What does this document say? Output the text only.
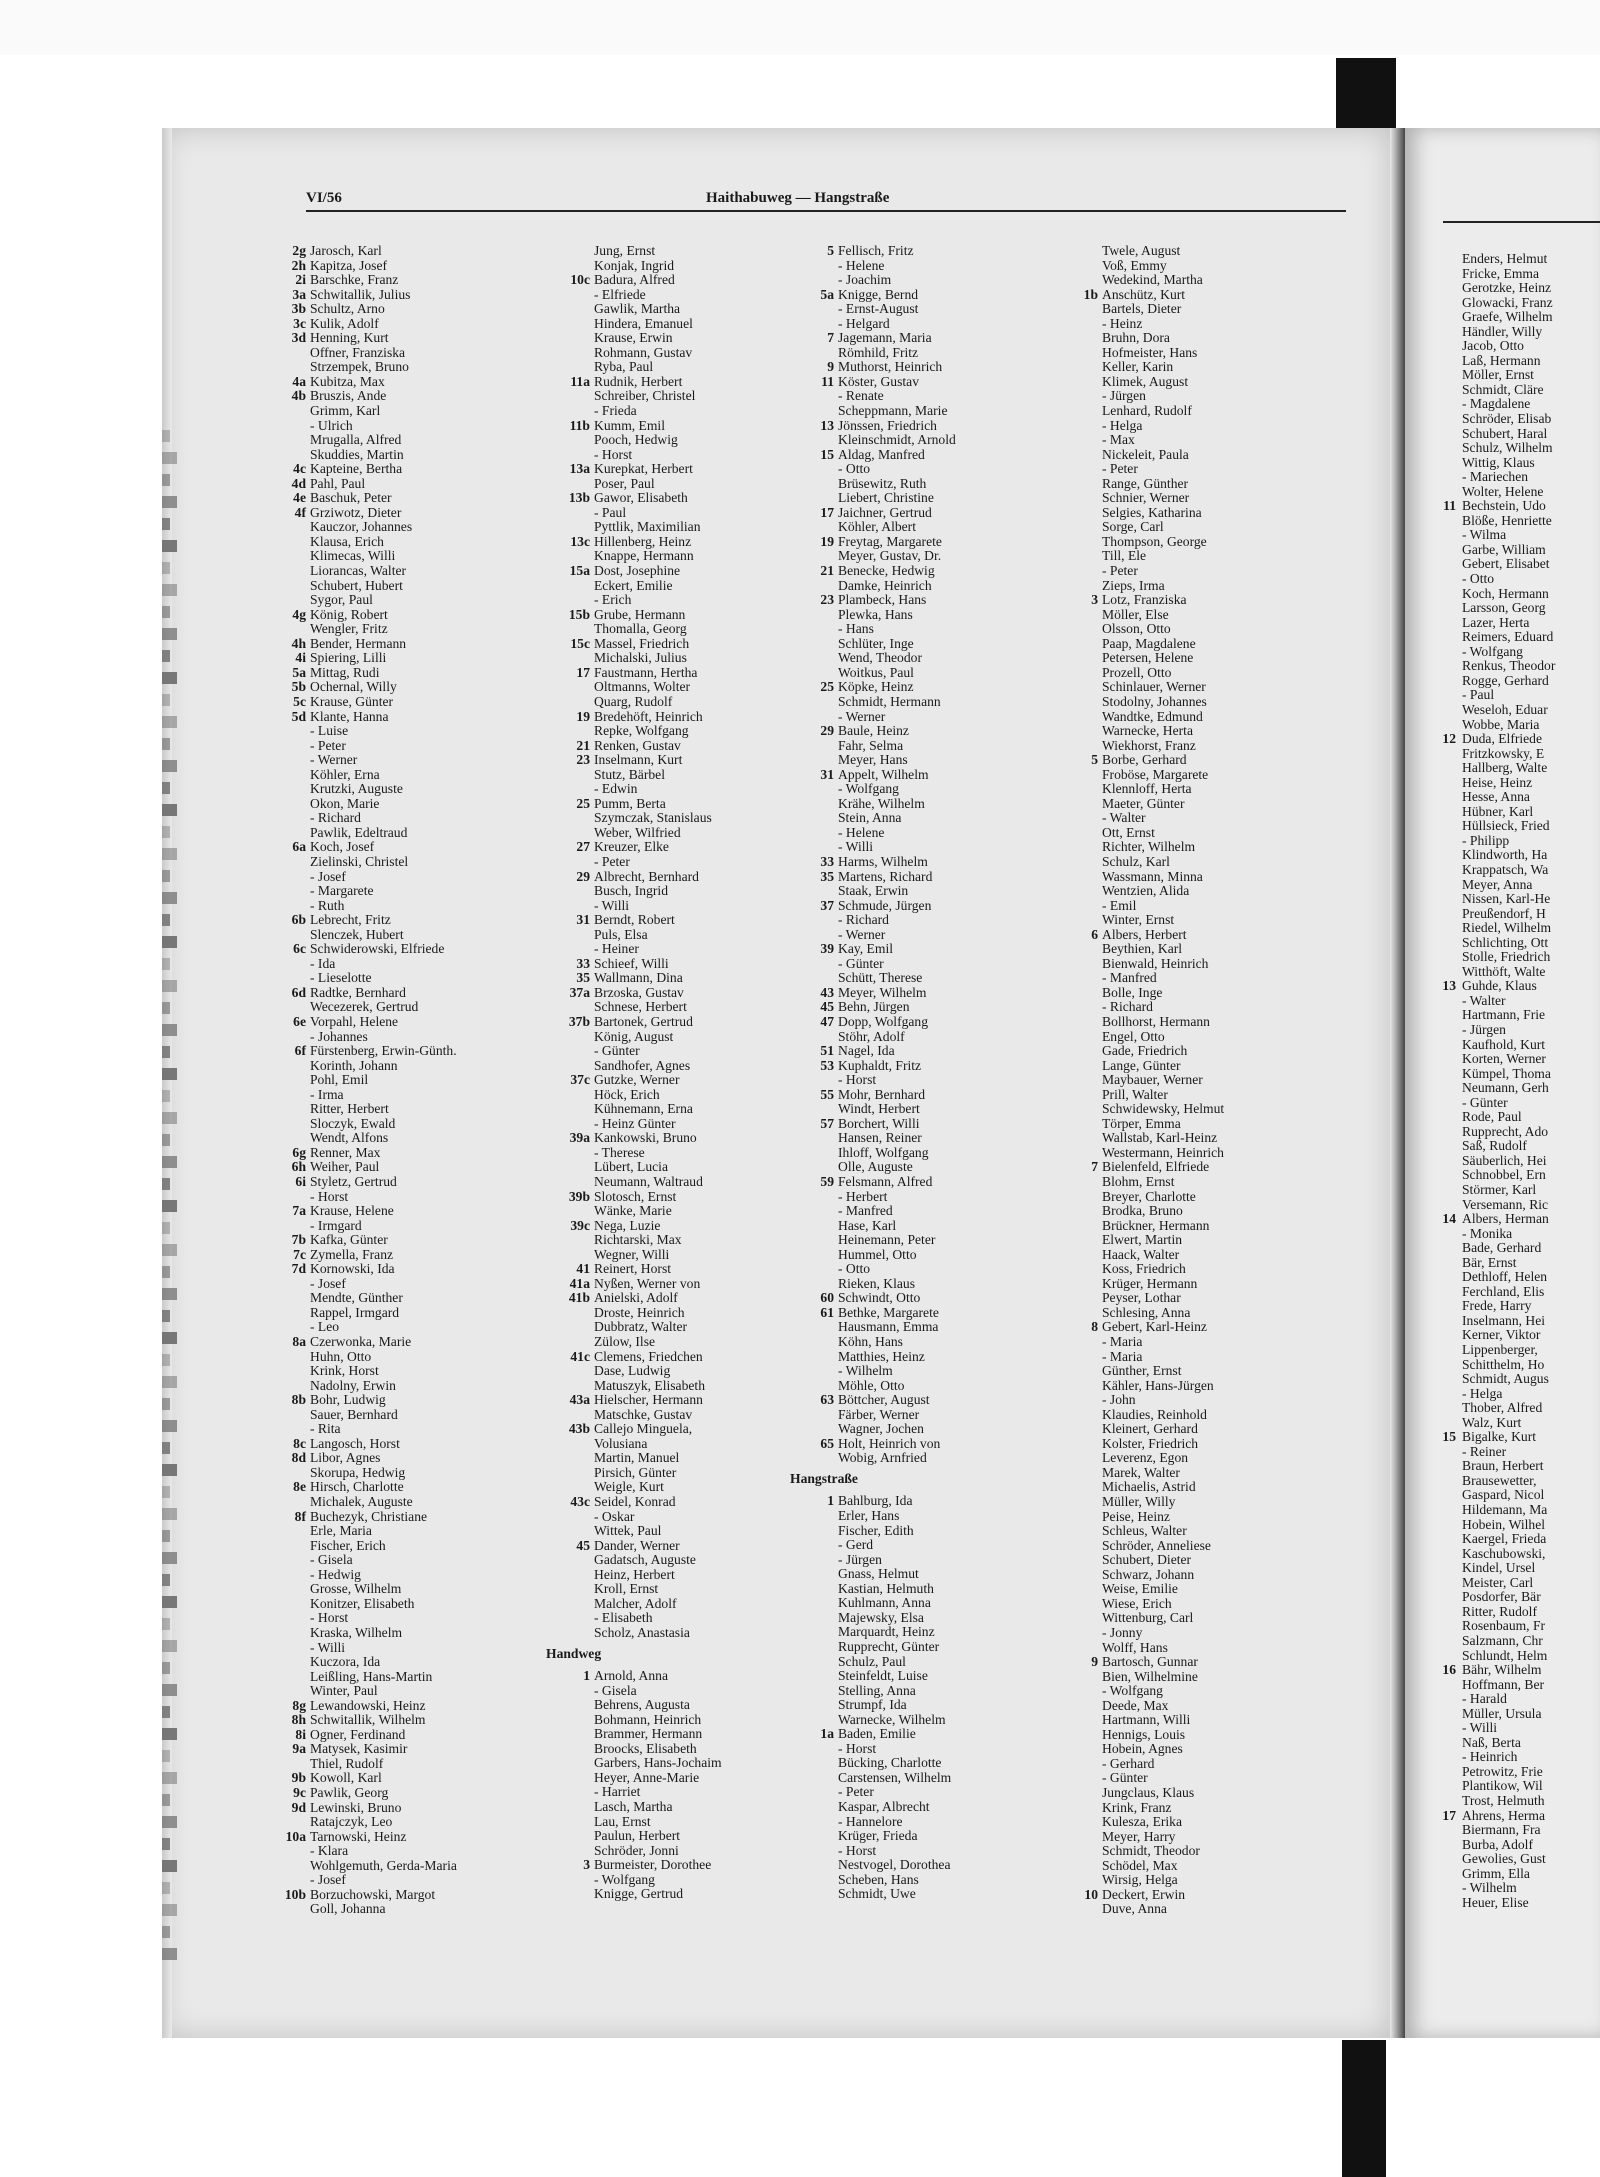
VI/56	Haithabuweg — Hangstraße
2g Jarosch, Karl
2h Kapitza, Josef
2i Barschke, Franz
3a Schwitallik, Julius
3b Schultz, Arno
3c Kulik, Adolf
3d Henning, Kurt
Offner, Franziska
Strzempek, Bruno
4a Kubitza, Max
4b Bruszis, Ande
Grimm, Karl
- Ulrich
Mrugalla, Alfred
Skuddies, Martin
4c Kapteine, Bertha
4d Pahl, Paul
4e Baschuk, Peter
4f Grziwotz, Dieter
Kauczor, Johannes
Klausa, Erich
Klimecas, Willi
Liorancas, Walter
Schubert, Hubert
Sygor, Paul
4g König, Robert
Wengler, Fritz
4h Bender, Hermann
4i Spiering, Lilli
5a Mittag, Rudi
5b Ochernal, Willy
5c Krause, Günter
5d Klante, Hanna
- Luise
- Peter
- Werner
Köhler, Erna
Krutzki, Auguste
Okon, Marie
- Richard
Pawlik, Edeltraud
6a Koch, Josef
Zielinski, Christel
- Josef
- Margarete
- Ruth
6b Lebrecht, Fritz
Slenczek, Hubert
6c Schwiderowski, Elfriede
- Ida
- Lieselotte
6d Radtke, Bernhard
Wecezerek, Gertrud
6e Vorpahl, Helene
- Johannes
6f Fürstenberg, Erwin-Günth.
Korinth, Johann
Pohl, Emil
- Irma
Ritter, Herbert
Sloczyk, Ewald
Wendt, Alfons
6g Renner, Max
6h Weiher, Paul
6i Styletz, Gertrud
- Horst
7a Krause, Helene
- Irmgard
7b Kafka, Günter
7c Zymella, Franz
7d Kornowski, Ida
- Josef
Mendte, Günther
Rappel, Irmgard
- Leo
8a Czerwonka, Marie
Huhn, Otto
Krink, Horst
Nadolny, Erwin
8b Bohr, Ludwig
Sauer, Bernhard
- Rita
8c Langosch, Horst
8d Libor, Agnes
Skorupa, Hedwig
8e Hirsch, Charlotte
Michalek, Auguste
8f Buchezyk, Christiane
Erle, Maria
Fischer, Erich
- Gisela
- Hedwig
Grosse, Wilhelm
Konitzer, Elisabeth
- Horst
Kraska, Wilhelm
- Willi
Kuczora, Ida
Leißling, Hans-Martin
Winter, Paul
8g Lewandowski, Heinz
8h Schwitallik, Wilhelm
8i Ogner, Ferdinand
9a Matysek, Kasimir
Thiel, Rudolf
9b Kowoll, Karl
9c Pawlik, Georg
9d Lewinski, Bruno
Ratajczyk, Leo
10a Tarnowski, Heinz
- Klara
Wohlgemuth, Gerda-Maria
- Josef
10b Borzuchowski, Margot
Goll, Johanna
Jung, Ernst
Konjak, Ingrid
10c Badura, Alfred
- Elfriede
Gawlik, Martha
Hindera, Emanuel
Krause, Erwin
Rohmann, Gustav
Ryba, Paul
11a Rudnik, Herbert
Schreiber, Christel
- Frieda
11b Kumm, Emil
Pooch, Hedwig
- Horst
13a Kurepkat, Herbert
Poser, Paul
13b Gawor, Elisabeth
- Paul
Pyttlik, Maximilian
13c Hillenberg, Heinz
Knappe, Hermann
15a Dost, Josephine
Eckert, Emilie
- Erich
15b Grube, Hermann
Thomalla, Georg
15c Massel, Friedrich
Michalski, Julius
17 Faustmann, Hertha
Oltmanns, Wolter
Quarg, Rudolf
19 Bredehöft, Heinrich
Repke, Wolfgang
21 Renken, Gustav
23 Inselmann, Kurt
Stutz, Bärbel
- Edwin
25 Pumm, Berta
Szymczak, Stanislaus
Weber, Wilfried
27 Kreuzer, Elke
- Peter
29 Albrecht, Bernhard
Busch, Ingrid
- Willi
31 Berndt, Robert
Puls, Elsa
- Heiner
33 Schieef, Willi
35 Wallmann, Dina
37a Brzoska, Gustav
Schnese, Herbert
37b Bartonek, Gertrud
König, August
- Günter
Sandhofer, Agnes
37c Gutzke, Werner
Höck, Erich
Kühnemann, Erna
- Heinz Günter
39a Kankowski, Bruno
- Therese
Lübert, Lucia
Neumann, Waltraud
39b Slotosch, Ernst
Wänke, Marie
39c Nega, Luzie
Richtarski, Max
Wegner, Willi
41 Reinert, Horst
41a Nyßen, Werner von
41b Anielski, Adolf
Droste, Heinrich
Dubbratz, Walter
Zülow, Ilse
41c Clemens, Friedchen
Dase, Ludwig
Matuszyk, Elisabeth
43a Hielscher, Hermann
Matschke, Gustav
43b Callejo Minguela,
Volusiana
Martin, Manuel
Pirsich, Günter
Weigle, Kurt
43c Seidel, Konrad
- Oskar
Wittek, Paul
45 Dander, Werner
Gadatsch, Auguste
Heinz, Herbert
Kroll, Ernst
Malcher, Adolf
- Elisabeth
Scholz, Anastasia
Handweg
1 Arnold, Anna
- Gisela
Behrens, Augusta
Bohmann, Heinrich
Brammer, Hermann
Broocks, Elisabeth
Garbers, Hans-Jochaim
Heyer, Anne-Marie
- Harriet
Lasch, Martha
Lau, Ernst
Paulun, Herbert
Schröder, Jonni
3 Burmeister, Dorothee
- Wolfgang
Knigge, Gertrud
5 Fellisch, Fritz
- Helene
- Joachim
5a Knigge, Bernd
- Ernst-August
- Helgard
7 Jagemann, Maria
Römhild, Fritz
9 Muthorst, Heinrich
11 Köster, Gustav
- Renate
Scheppmann, Marie
13 Jönssen, Friedrich
Kleinschmidt, Arnold
15 Aldag, Manfred
- Otto
Brüsewitz, Ruth
Liebert, Christine
17 Jaichner, Gertrud
Köhler, Albert
19 Freytag, Margarete
Meyer, Gustav, Dr.
21 Benecke, Hedwig
Damke, Heinrich
23 Plambeck, Hans
Plewka, Hans
- Hans
Schlüter, Inge
Wend, Theodor
Woitkus, Paul
25 Köpke, Heinz
Schmidt, Hermann
- Werner
29 Baule, Heinz
Fahr, Selma
Meyer, Hans
31 Appelt, Wilhelm
- Wolfgang
Krähe, Wilhelm
Stein, Anna
- Helene
- Willi
33 Harms, Wilhelm
35 Martens, Richard
Staak, Erwin
37 Schmude, Jürgen
- Richard
- Werner
39 Kay, Emil
- Günter
Schütt, Therese
43 Meyer, Wilhelm
45 Behn, Jürgen
47 Dopp, Wolfgang
Stöhr, Adolf
51 Nagel, Ida
53 Kuphaldt, Fritz
- Horst
55 Mohr, Bernhard
Windt, Herbert
57 Borchert, Willi
Hansen, Reiner
Ihloff, Wolfgang
Olle, Auguste
59 Felsmann, Alfred
- Herbert
- Manfred
Hase, Karl
Heinemann, Peter
Hummel, Otto
- Otto
Rieken, Klaus
60 Schwindt, Otto
61 Bethke, Margarete
Hausmann, Emma
Köhn, Hans
Matthies, Heinz
- Wilhelm
Möhle, Otto
63 Böttcher, August
Färber, Werner
Wagner, Jochen
65 Holt, Heinrich von
Wobig, Arnfried
Hangstraße
1 Bahlburg, Ida
Erler, Hans
Fischer, Edith
- Gerd
- Jürgen
Gnass, Helmut
Kastian, Helmuth
Kuhlmann, Anna
Majewsky, Elsa
Marquardt, Heinz
Rupprecht, Günter
Schulz, Paul
Steinfeldt, Luise
Stelling, Anna
Strumpf, Ida
Warnecke, Wilhelm
1a Baden, Emilie
- Horst
Bücking, Charlotte
Carstensen, Wilhelm
- Peter
Kaspar, Albrecht
- Hannelore
Krüger, Frieda
- Horst
Nestvogel, Dorothea
Scheben, Hans
Schmidt, Uwe
Twele, August
Voß, Emmy
Wedekind, Martha
1b Anschütz, Kurt
Bartels, Dieter
- Heinz
Bruhn, Dora
Hofmeister, Hans
Keller, Karin
Klimek, August
- Jürgen
Lenhard, Rudolf
- Helga
- Max
Nickeleit, Paula
- Peter
Range, Günther
Schnier, Werner
Selgies, Katharina
Sorge, Carl
Thompson, George
Till, Ele
- Peter
Zieps, Irma
3 Lotz, Franziska
Möller, Else
Olsson, Otto
Paap, Magdalene
Petersen, Helene
Prozell, Otto
Schinlauer, Werner
Stodolny, Johannes
Wandtke, Edmund
Warnecke, Herta
Wiekhorst, Franz
5 Borbe, Gerhard
Froböse, Margarete
Klennloff, Herta
Maeter, Günter
- Walter
Ott, Ernst
Richter, Wilhelm
Schulz, Karl
Wassmann, Minna
Wentzien, Alida
- Emil
Winter, Ernst
6 Albers, Herbert
Beythien, Karl
Bienwald, Heinrich
- Manfred
Bolle, Inge
- Richard
Bollhorst, Hermann
Engel, Otto
Gade, Friedrich
Lange, Günter
Maybauer, Werner
Prill, Walter
Schwidewsky, Helmut
Törper, Emma
Wallstab, Karl-Heinz
Westermann, Heinrich
7 Bielenfeld, Elfriede
Blohm, Ernst
Breyer, Charlotte
Brodka, Bruno
Brückner, Hermann
Elwert, Martin
Haack, Walter
Koss, Friedrich
Krüger, Hermann
Peyser, Lothar
Schlesing, Anna
8 Gebert, Karl-Heinz
- Maria
- Maria
Günther, Ernst
Kähler, Hans-Jürgen
- John
Klaudies, Reinhold
Kleinert, Gerhard
Kolster, Friedrich
Leverenz, Egon
Marek, Walter
Michaelis, Astrid
Müller, Willy
Peise, Heinz
Schleus, Walter
Schröder, Anneliese
Schubert, Dieter
Schwarz, Johann
Weise, Emilie
Wiese, Erich
Wittenburg, Carl
- Jonny
Wolff, Hans
9 Bartosch, Gunnar
Bien, Wilhelmine
- Wolfgang
Deede, Max
Hartmann, Willi
Hennigs, Louis
Hobein, Agnes
- Gerhard
- Günter
Jungclaus, Klaus
Krink, Franz
Kulesza, Erika
Meyer, Harry
Schmidt, Theodor
Schödel, Max
Wirsig, Helga
10 Deckert, Erwin
Duve, Anna
Enders, Helmut
Fricke, Emma
Gerotzke, Heinz
Glowacki, Franz
Graefe, Wilhelm
Händler, Willy
Jacob, Otto
Laß, Hermann
Möller, Ernst
Schmidt, Cläre
- Magdalene
Schröder, Elisab
Schubert, Haral
Schulz, Wilhelm
Wittig, Klaus
- Mariechen
Wolter, Helene
11 Bechstein, Udo
Blöße, Henriette
- Wilma
Garbe, William
Gebert, Elisabet
- Otto
Koch, Hermann
Larsson, Georg
Lazer, Herta
Reimers, Eduard
- Wolfgang
Renkus, Theodor
Rogge, Gerhard
- Paul
Weseloh, Eduar
Wobbe, Maria
12 Duda, Elfriede
Fritzkowsky, E
Hallberg, Walte
Heise, Heinz
Hesse, Anna
Hübner, Karl
Hüllsieck, Fried
- Philipp
Klindworth, Ha
Krappatsch, Wa
Meyer, Anna
Nissen, Karl-He
Preußendorf, H
Riedel, Wilhelm
Schlichting, Ott
Stolle, Friedrich
Witthöft, Walte
13 Guhde, Klaus
- Walter
Hartmann, Frie
- Jürgen
Kaufhold, Kurt
Korten, Werner
Kümpel, Thoma
Neumann, Gerh
- Günter
Rode, Paul
Rupprecht, Ado
Saß, Rudolf
Säuberlich, Hei
Schnobbel, Ern
Störmer, Karl
Versemann, Ric
14 Albers, Herman
- Monika
Bade, Gerhard
Bär, Ernst
Dethloff, Helen
Ferchland, Elis
Frede, Harry
Inselmann, Hei
Kerner, Viktor
Lippenberger,
Schitthelm, Ho
Schmidt, Augus
- Helga
Thober, Alfred
Walz, Kurt
15 Bigalke, Kurt
- Reiner
Braun, Herbert
Brausewetter,
Gaspard, Nicol
Hildemann, Ma
Hobein, Wilhel
Kaergel, Frieda
Kaschubowski,
Kindel, Ursel
Meister, Carl
Posdorfer, Bär
Ritter, Rudolf
Rosenbaum, Fr
Salzmann, Chr
Schlundt, Helm
16 Bähr, Wilhelm
Hoffmann, Ber
- Harald
Müller, Ursula
- Willi
Naß, Berta
- Heinrich
Petrowitz, Frie
Plantikow, Wil
Trost, Helmuth
17 Ahrens, Herma
Biermann, Fra
Burba, Adolf
Gewolies, Gust
Grimm, Ella
- Wilhelm
Heuer, Elise
